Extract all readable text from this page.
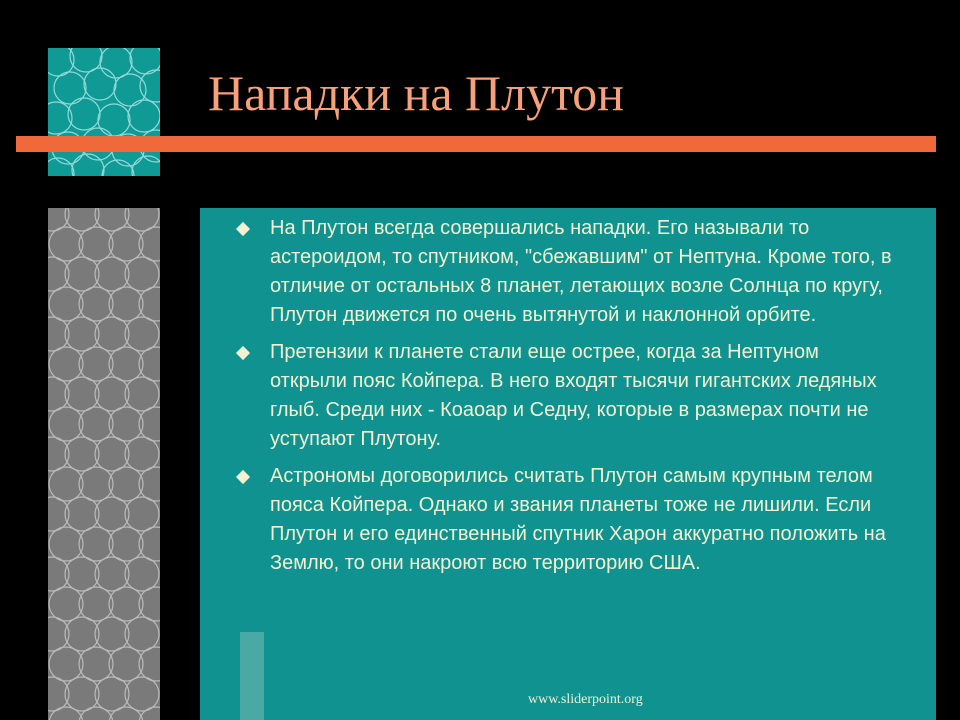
Нападки на Плутон
На Плутон всегда совершались нападки. Его называли то астероидом, то спутником, "сбежавшим" от Нептуна. Кроме того, в отличие от остальных 8 планет, летающих возле Солнца по кругу, Плутон движется по очень вытянутой и наклонной орбите.
Претензии к планете стали еще острее, когда за Нептуном открыли пояс Койпера. В него входят тысячи гигантских ледяных глыб. Среди них - Коаоар и Седну, которые в размерах почти не уступают Плутону.
Астрономы договорились считать Плутон самым крупным телом пояса Койпера. Однако и звания планеты тоже не лишили. Если Плутон и его единственный спутник Харон аккуратно положить на Землю, то они накроют всю территорию США.

www.sliderpoint.org
